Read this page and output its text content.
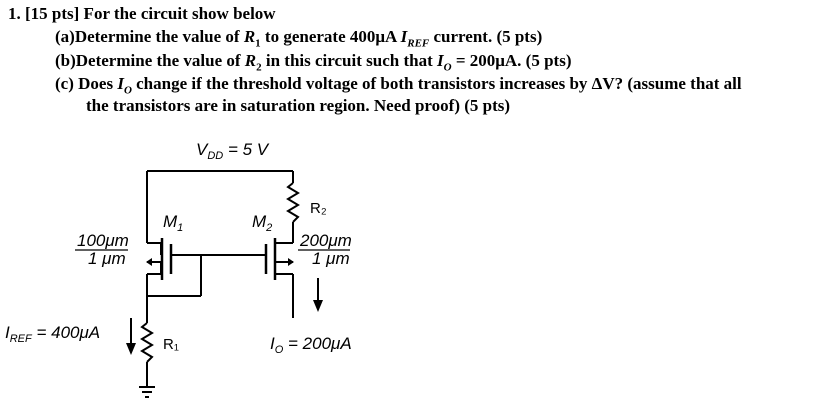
1. [15 pts] For the circuit show below
(a)Determine the value of $R_1$ to generate 400μA $I_{REF}$ current. (5 pts)
(b)Determine the value of $R_2$ in this circuit such that $I_O = 200\mu A$. (5 pts)
(c) Does $I_O$ change if the threshold voltage of both transistors increases by ΔV? (assume that all
the transistors are in saturation region. Need proof) (5 pts)
$V_{DD} = 5$ V
$M_1$	$M_2$
100μm
1 μm
200μm
1 μm
R₂
R₁
$I_{REF} = 400\mu A$
$I_O = 200\mu A$
